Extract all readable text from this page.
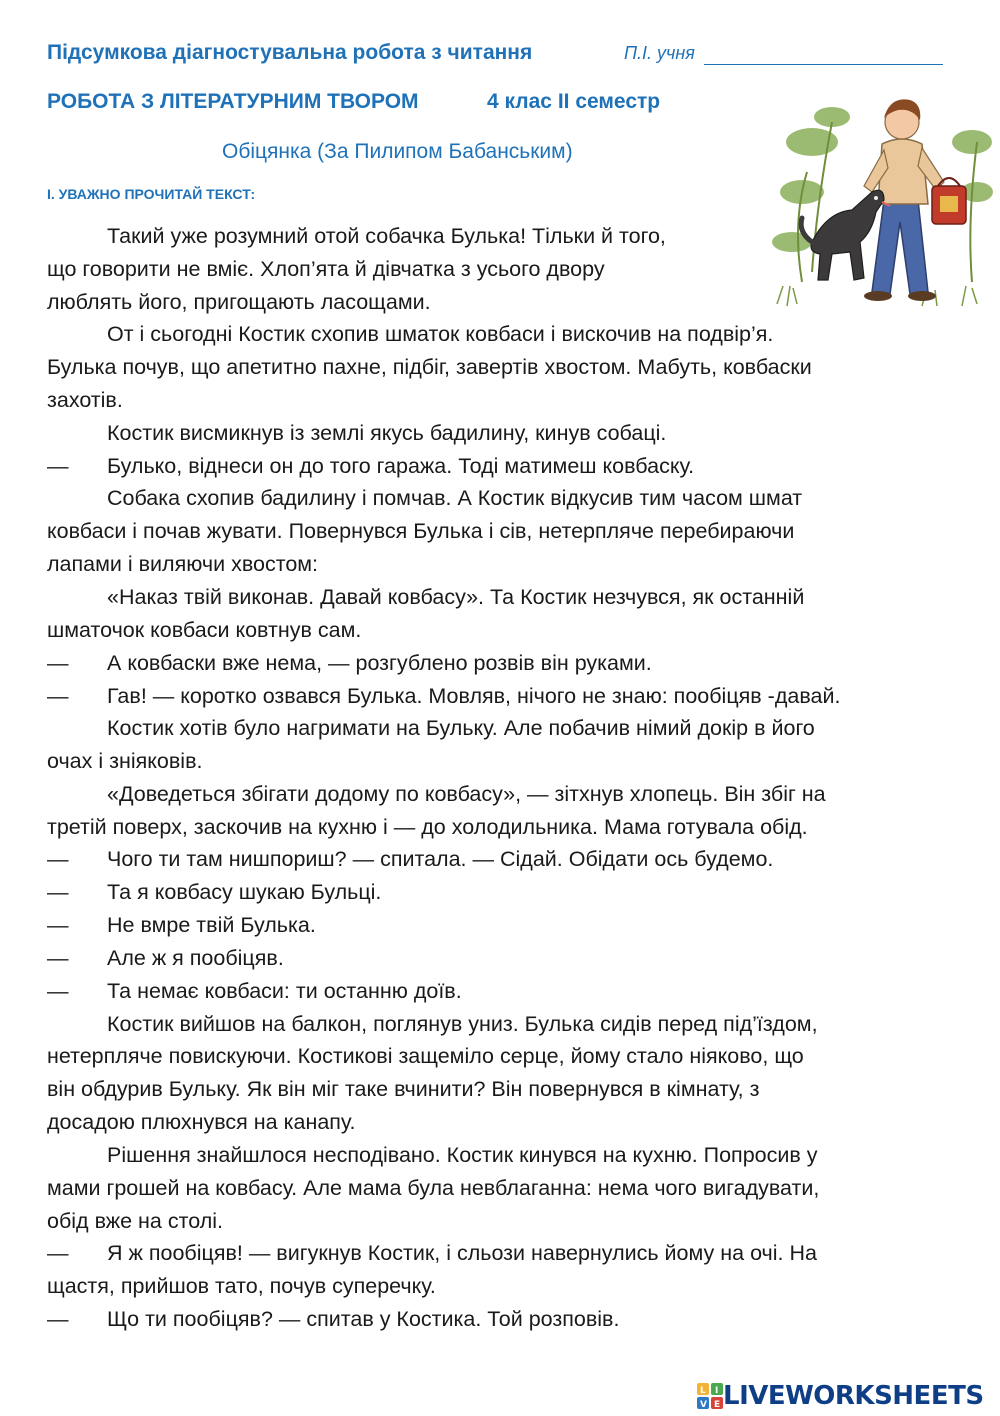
Підсумкова діагностувальна робота з читання	П.І. учня
РОБОТА З ЛІТЕРАТУРНИМ ТВОРОМ	4 клас ІІ семестр
Обіцянка (За Пилипом Бабанським)
І. УВАЖНО ПРОЧИТАЙ ТЕКСТ:
Такий уже розумний отой собачка Булька! Тільки й того,
що говорити не вміє. Хлоп’ята й дівчатка з усього двору
люблять його, пригощають ласощами.
От і сьогодні Костик схопив шматок ковбаси і вискочив на подвір’я.
Булька почув, що апетитно пахне, підбіг, завертів хвостом. Мабуть, ковбаски
захотів.
Костик висмикнув із землі якусь бадилину, кинув собаці.
— Булько, віднеси он до того гаража. Тоді матимеш ковбаску.
Собака схопив бадилину і помчав. А Костик відкусив тим часом шмат
ковбаси і почав жувати. Повернувся Булька і сів, нетерпляче перебираючи
лапами і виляючи хвостом:
«Наказ твій виконав. Давай ковбасу». Та Костик незчувся, як останній
шматочок ковбаси ковтнув сам.
— А ковбаски вже нема, — розгублено розвів він руками.
— Гав! — коротко озвався Булька. Мовляв, нічого не знаю: пообіцяв -давай.
Костик хотів було нагримати на Бульку. Але побачив німий докір в його
очах і зніяковів.
«Доведеться збігати додому по ковбасу», — зітхнув хлопець. Він збіг на
третій поверх, заскочив на кухню і — до холодильника. Мама готувала обід.
— Чого ти там нишпориш? — спитала. — Сідай. Обідати ось будемо.
— Та я ковбасу шукаю Бульці.
— Не вмре твій Булька.
— Але ж я пообіцяв.
— Та немає ковбаси: ти останню доїв.
Костик вийшов на балкон, поглянув униз. Булька сидів перед під’їздом,
нетерпляче повискуючи. Костикові защеміло серце, йому стало ніяково, що
він обдурив Бульку. Як він міг таке вчинити? Він повернувся в кімнату, з
досадою плюхнувся на канапу.
Рішення знайшлося несподівано. Костик кинувся на кухню. Попросив у
мами грошей на ковбасу. Але мама була невблаганна: нема чого вигадувати,
обід вже на столі.
— Я ж пообіцяв! — вигукнув Костик, і сльози навернулись йому на очі. На
щастя, прийшов тато, почув суперечку.
— Що ти пообіцяв? — спитав у Костика. Той розповів.
L I
V E LIVEWORKSHEETS
